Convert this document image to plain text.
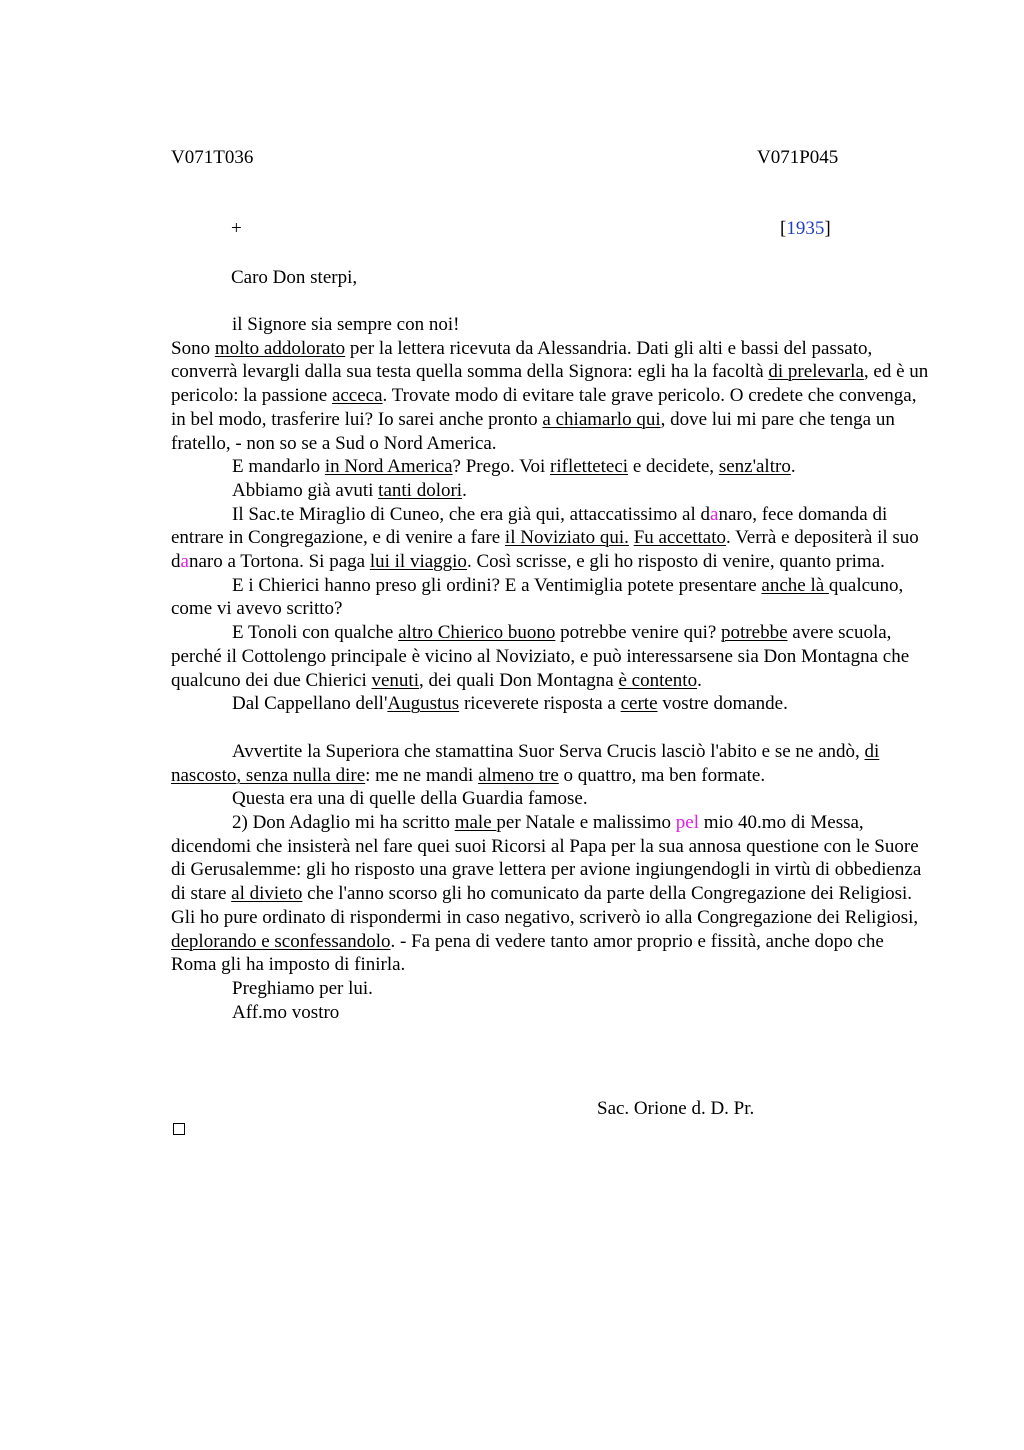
V071T036	V071P045
+	[1935]
Caro Don sterpi,

il Signore sia sempre con noi!

Sono molto addolorato per la lettera ricevuta da Alessandria. Dati gli alti e bassi del passato, converrà levargli dalla sua testa quella somma della Signora: egli ha la facoltà di prelevarla, ed è un pericolo: la passione acceca. Trovate modo di evitare tale grave pericolo. O credete che convenga, in bel modo, trasferire lui? Io sarei anche pronto a chiamarlo qui, dove lui mi pare che tenga un fratello, - non so se a Sud o Nord America.

E mandarlo in Nord America? Prego. Voi rifletteteci e decidete, senz'altro.

Abbiamo già avuti tanti dolori.

Il Sac.te Miraglio di Cuneo, che era già qui, attaccatissimo al danaro, fece domanda di entrare in Congregazione, e di venire a fare il Noviziato qui. Fu accettato. Verrà e depositerà il suo danaro a Tortona. Si paga lui il viaggio. Così scrisse, e gli ho risposto di venire, quanto prima.

E i Chierici hanno preso gli ordini? E a Ventimiglia potete presentare anche là qualcuno, come vi avevo scritto?

E Tonoli con qualche altro Chierico buono potrebbe venire qui? potrebbe avere scuola, perché il Cottolengo principale è vicino al Noviziato, e può interessarsene sia Don Montagna che qualcuno dei due Chierici venuti, dei quali Don Montagna è contento.

Dal Cappellano dell'Augustus riceverete risposta a certe vostre domande.

Avvertite la Superiora che stamattina Suor Serva Crucis lasciò l'abito e se ne andò, di nascosto, senza nulla dire: me ne mandi almeno tre o quattro, ma ben formate.

Questa era una di quelle della Guardia famose.

2) Don Adaglio mi ha scritto male per Natale e malissimo pel mio 40.mo di Messa, dicendomi che insisterà nel fare quei suoi Ricorsi al Papa per la sua annosa questione con le Suore di Gerusalemme: gli ho risposto una grave lettera per avione ingiungendogli in virtù di obbedienza di stare al divieto che l'anno scorso gli ho comunicato da parte della Congregazione dei Religiosi. Gli ho pure ordinato di rispondermi in caso negativo, scriverò io alla Congregazione dei Religiosi, deplorando e sconfessandolo. - Fa pena di vedere tanto amor proprio e fissità, anche dopo che Roma gli ha imposto di finirla.

Preghiamo per lui.

Aff.mo vostro

Sac. Orione d. D. Pr.
